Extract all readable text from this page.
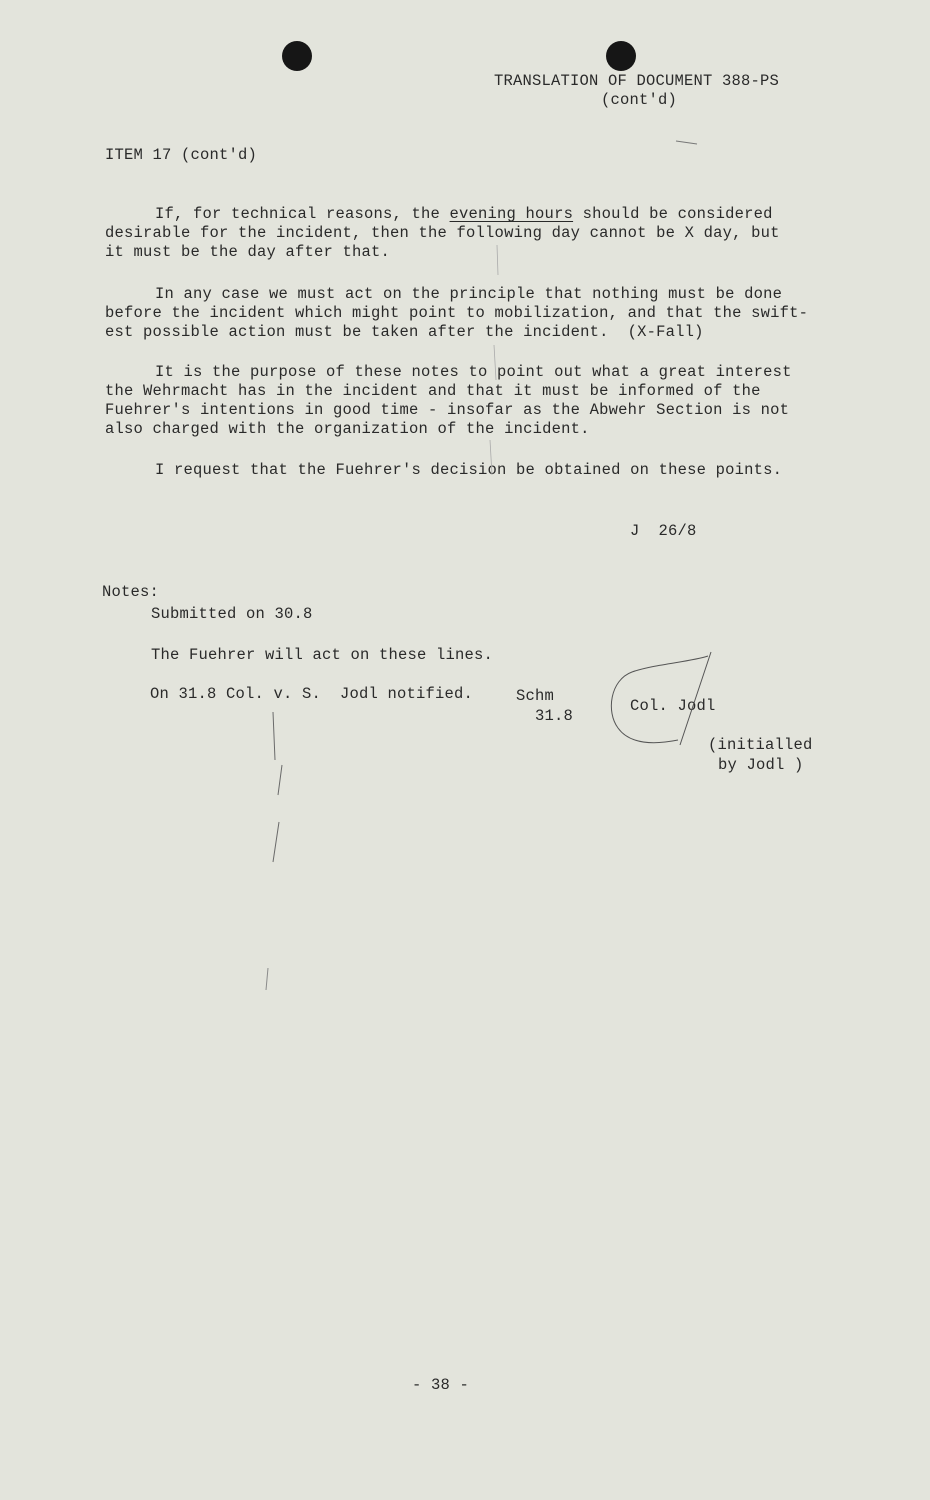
TRANSLATION OF DOCUMENT 388-PS
(cont'd)
ITEM 17 (cont'd)
If, for technical reasons, the evening hours should be considered
desirable for the incident, then the following day cannot be X day, but
it must be the day after that.
In any case we must act on the principle that nothing must be done
before the incident which might point to mobilization, and that the swift-
est possible action must be taken after the incident.  (X-Fall)
It is the purpose of these notes to point out what a great interest
the Wehrmacht has in the incident and that it must be informed of the
Fuehrer's intentions in good time - insofar as the Abwehr Section is not
also charged with the organization of the incident.
I request that the Fuehrer's decision be obtained on these points.
J  26/8
Notes:
Submitted on 30.8
The Fuehrer will act on these lines.
On 31.8 Col. v. S.  Jodl notified.	Schm
31.8
Col. Jodl
(initialled
by Jodl )
- 38 -
